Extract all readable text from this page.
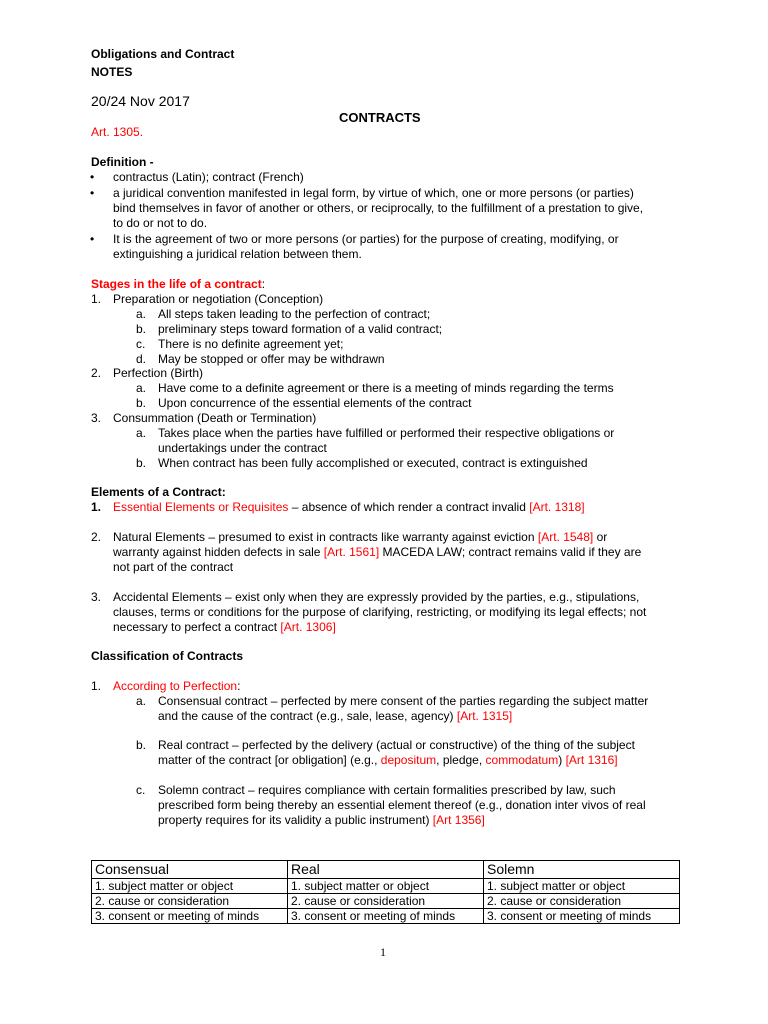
Obligations and Contract
NOTES
20/24 Nov 2017
CONTRACTS
Art. 1305.
Definition -
• contractus (Latin); contract (French)
• a juridical convention manifested in legal form, by virtue of which, one or more persons (or parties)
bind themselves in favor of another or others, or reciprocally, to the fulfillment of a prestation to give,
to do or not to do.
• It is the agreement of two or more persons (or parties) for the purpose of creating, modifying, or
extinguishing a juridical relation between them.
Stages in the life of a contract:
1. Preparation or negotiation (Conception)
a. All steps taken leading to the perfection of contract;
b. preliminary steps toward formation of a valid contract;
c. There is no definite agreement yet;
d. May be stopped or offer may be withdrawn
2. Perfection (Birth)
a. Have come to a definite agreement or there is a meeting of minds regarding the terms
b. Upon concurrence of the essential elements of the contract
3. Consummation (Death or Termination)
a. Takes place when the parties have fulfilled or performed their respective obligations or
undertakings under the contract
b. When contract has been fully accomplished or executed, contract is extinguished
Elements of a Contract:
1. Essential Elements or Requisites – absence of which render a contract invalid [Art. 1318]
2. Natural Elements – presumed to exist in contracts like warranty against eviction [Art. 1548] or
warranty against hidden defects in sale [Art. 1561] MACEDA LAW; contract remains valid if they are
not part of the contract
3. Accidental Elements – exist only when they are expressly provided by the parties, e.g., stipulations,
clauses, terms or conditions for the purpose of clarifying, restricting, or modifying its legal effects; not
necessary to perfect a contract [Art. 1306]
Classification of Contracts
1. According to Perfection:
a. Consensual contract – perfected by mere consent of the parties regarding the subject matter
and the cause of the contract (e.g., sale, lease, agency) [Art. 1315]
b. Real contract – perfected by the delivery (actual or constructive) of the thing of the subject
matter of the contract [or obligation] (e.g., depositum, pledge, commodatum) [Art 1316]
c. Solemn contract – requires compliance with certain formalities prescribed by law, such
prescribed form being thereby an essential element thereof (e.g., donation inter vivos of real
property requires for its validity a public instrument) [Art 1356]
Consensual	Real	Solemn
1. subject matter or object	1. subject matter or object	1. subject matter or object
2. cause or consideration	2. cause or consideration	2. cause or consideration
3. consent or meeting of minds	3. consent or meeting of minds	3. consent or meeting of minds
1
